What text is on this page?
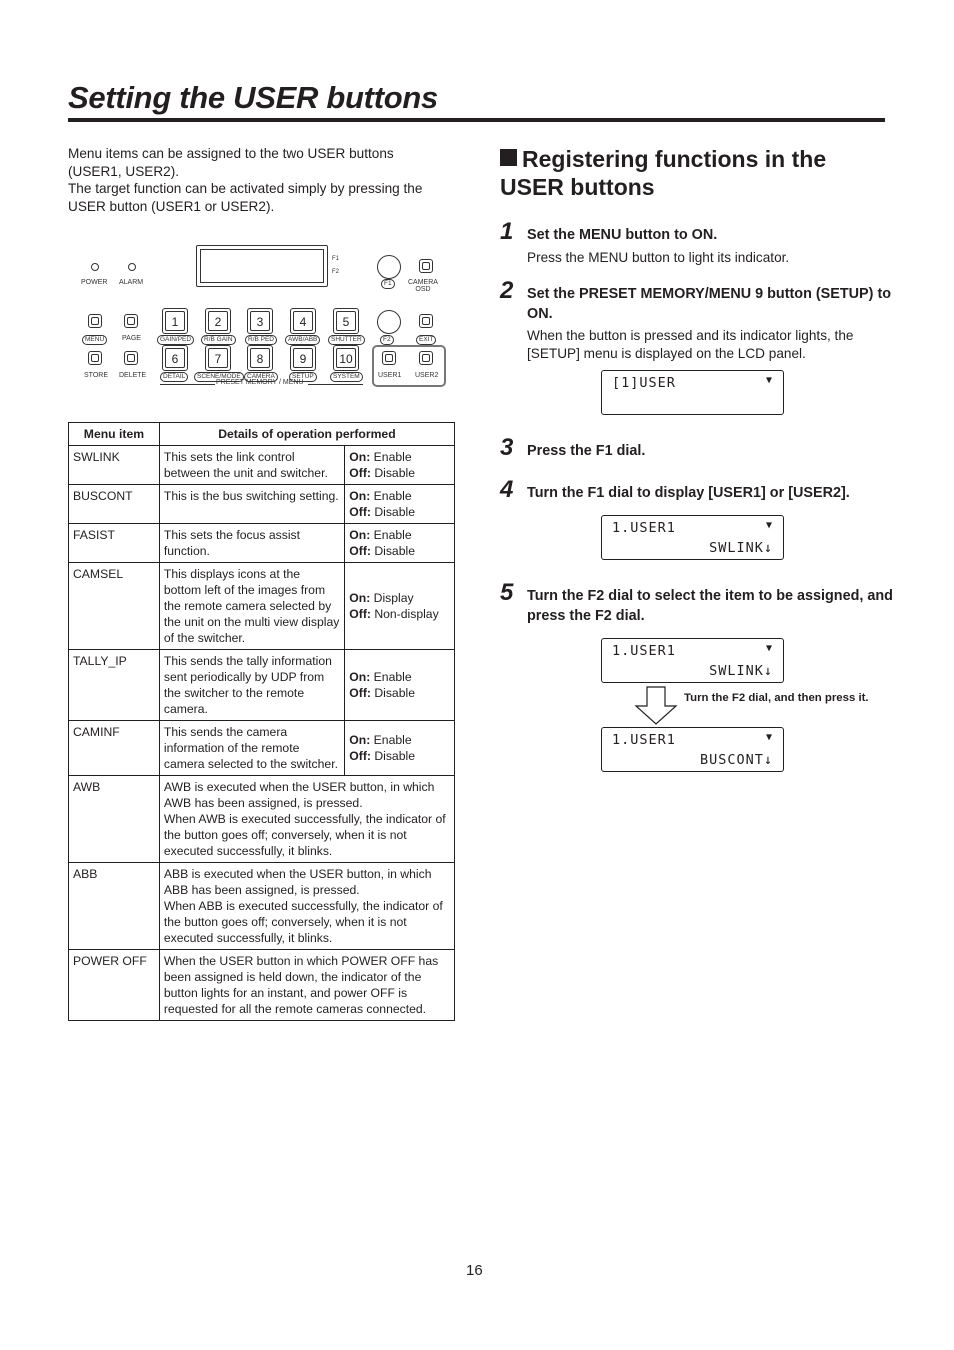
Setting the USER buttons

Menu items can be assigned to the two USER buttons

(USER1, USER2).

The target function can be activated simply by pressing the

USER button (USER1 or USER2).

POWER ALARM
F1
F2
F1	CAMERA
OSD
MENU	PAGE
STORE DELETE
1	2	3	4	5
GAIN/PED	R/B GAIN	R/B PED	AWB/ABB	SHUTTER
6	7	8	9	10
DETAIL	SCENE/MODE CAMERA	SETUP	SYSTEM
PRESET MEMORY / MENU
F2	EXIT
USER1 USER2
Menu item	Details of operation performed	
SWLINK	This sets the link control between the unit and switcher.	On: Enable
Off: Disable
BUSCONT	This is the bus switching setting.	On: Enable
Off: Disable
FASIST	This sets the focus assist function.	On: Enable
Off: Disable
CAMSEL	This displays icons at the bottom left of the images from the remote camera selected by the unit on the multi view display of the switcher.	On: Display
Off: Non-display
TALLY_IP	This sends the tally information sent periodically by UDP from the switcher to the remote camera.	On: Enable
Off: Disable
CAMINF	This sends the camera information of the remote camera selected to the switcher.	On: Enable
Off: Disable
AWB	AWB is executed when the USER button, in which AWB has been assigned, is pressed.
When AWB is executed successfully, the indicator of the button goes off; conversely, when it is not executed successfully, it blinks.	

ABB	ABB is executed when the USER button, in which ABB has been assigned, is pressed.
When ABB is executed successfully, the indicator of the button goes off; conversely, when it is not executed successfully, it blinks.	

POWER OFF	When the USER button in which POWER OFF has been assigned is held down, the indicator of the button lights for an instant, and power OFF is requested for all the remote cameras connected.	
Registering functions in the USER buttons
1 Set the MENU button to ON.
Press the MENU button to light its indicator.
2 Set the PRESET MEMORY/MENU 9 button (SETUP) to ON.
When the button is pressed and its indicator lights, the [SETUP] menu is displayed on the LCD panel.
[1]USER	▼
3 Press the F1 dial.
4 Turn the F1 dial to display [USER1] or [USER2].
1.USER1	▼
SWLINK↓
5 Turn the F2 dial to select the item to be assigned, and press the F2 dial.
1.USER1	▼
SWLINK↓
Turn the F2 dial, and then press it.
1.USER1	▼
BUSCONT↓
16
